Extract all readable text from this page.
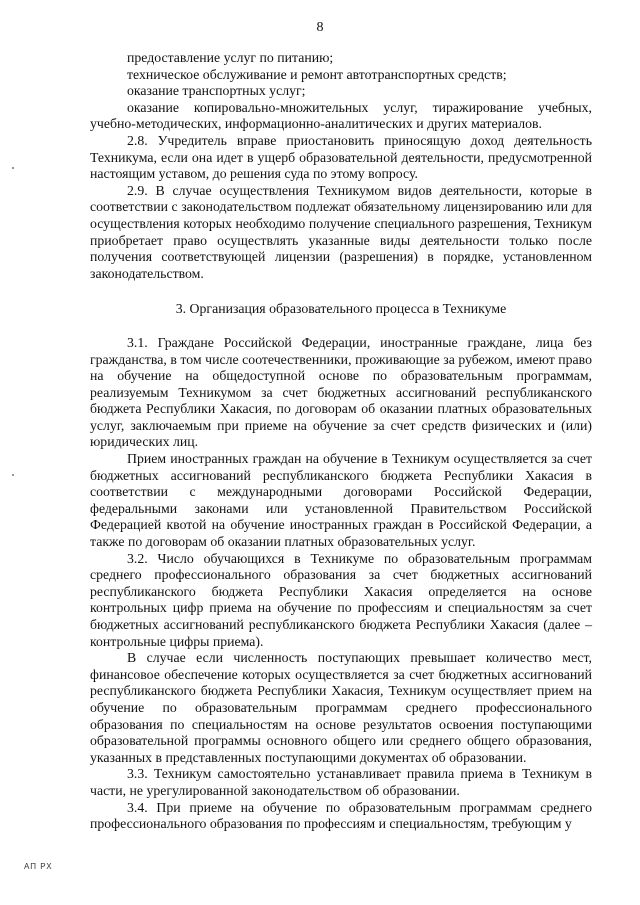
8

предоставление услуг по питанию;

техническое обслуживание и ремонт автотранспортных средств;

оказание транспортных услуг;

оказание копировально-множительных услуг, тиражирование учебных, учебно-методических, информационно-аналитических и других материалов.

2.8. Учредитель вправе приостановить приносящую доход деятельность Техникума, если она идет в ущерб образовательной деятельности, предусмотренной настоящим уставом, до решения суда по этому вопросу.

2.9. В случае осуществления Техникумом видов деятельности, которые в соответствии с законодательством подлежат обязательному лицензированию или для осуществления которых необходимо получение специального разрешения, Техникум приобретает право осуществлять указанные виды деятельности только после получения соответствующей лицензии (разрешения) в порядке, установленном законодательством.

3. Организация образовательного процесса в Техникуме

3.1. Граждане Российской Федерации, иностранные граждане, лица без гражданства, в том числе соотечественники, проживающие за рубежом, имеют право на обучение на общедоступной основе по образовательным программам, реализуемым Техникумом за счет бюджетных ассигнований республиканского бюджета Республики Хакасия, по договорам об оказании платных образовательных услуг, заключаемым при приеме на обучение за счет средств физических и (или) юридических лиц.

Прием иностранных граждан на обучение в Техникум осуществляется за счет бюджетных ассигнований республиканского бюджета Республики Хакасия в соответствии с международными договорами Российской Федерации, федеральными законами или установленной Правительством Российской Федерацией квотой на обучение иностранных граждан в Российской Федерации, а также по договорам об оказании платных образовательных услуг.

3.2. Число обучающихся в Техникуме по образовательным программам среднего профессионального образования за счет бюджетных ассигнований республиканского бюджета Республики Хакасия определяется на основе контрольных цифр приема на обучение по профессиям и специальностям за счет бюджетных ассигнований республиканского бюджета Республики Хакасия (далее – контрольные цифры приема).

В случае если численность поступающих превышает количество мест, финансовое обеспечение которых осуществляется за счет бюджетных ассигнований республиканского бюджета Республики Хакасия, Техникум осуществляет прием на обучение по образовательным программам среднего профессионального образования по специальностям на основе результатов освоения поступающими образовательной программы основного общего или среднего общего образования, указанных в представленных поступающими документах об образовании.

3.3. Техникум самостоятельно устанавливает правила приема в Техникум в части, не урегулированной законодательством об образовании.

3.4. При приеме на обучение по образовательным программам среднего профессионального образования по профессиям и специальностям, требующим у

АП РХ
